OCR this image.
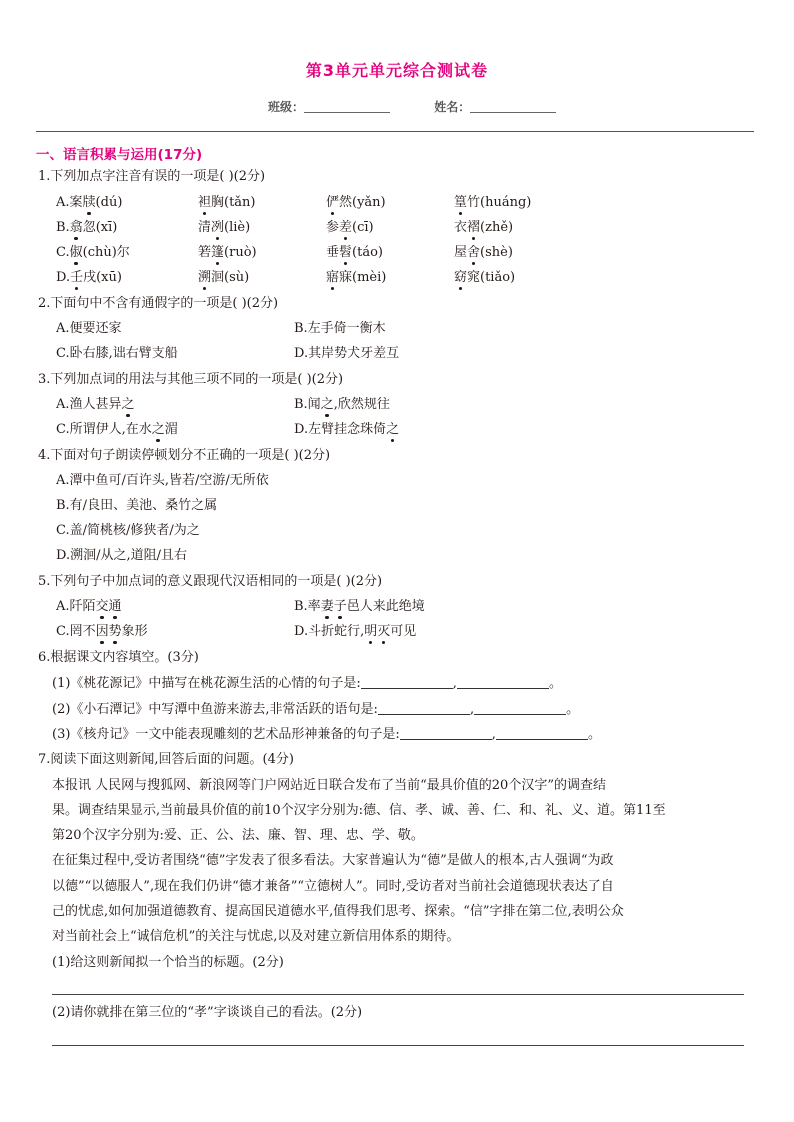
第3单元单元综合测试卷
班级：	姓名：
一、语言积累与运用(17分)
1.下列加点字注音有误的一项是( )(2分)
A.案牍(dú)	袒胸(tǎn)	俨然(yǎn)	篁竹(huáng)
B.翕忽(xī)	清冽(liè)	参差(cī)	衣褶(zhě)
C.俶(chù)尔	箬篷(ruò)	垂髫(táo)	屋舍(shè)
D.壬戌(xū)	溯洄(sù)	寤寐(mèi)	窈窕(tiǎo)
2.下面句中不含有通假字的一项是( )(2分)
A.便要还家	B.左手倚一衡木
C.卧右膝,诎右臂支船	D.其岸势犬牙差互
3.下列加点词的用法与其他三项不同的一项是( )(2分)
A.渔人甚异之	B.闻之,欣然规往
C.所谓伊人,在水之湄	D.左臂挂念珠倚之
4.下面对句子朗读停顿划分不正确的一项是( )(2分)
A.潭中鱼可/百许头,皆若/空游/无所依
B.有/良田、美池、桑竹之属
C.盖/简桃核/修狭者/为之
D.溯洄/从之,道阻/且右
5.下列句子中加点词的意义跟现代汉语相同的一项是( )(2分)
A.阡陌交通	B.率妻子邑人来此绝境
C.罔不因势象形	D.斗折蛇行,明灭可见
6.根据课文内容填空。(3分)
(1)《桃花源记》中描写在桃花源生活的心情的句子是:	,	。
(2)《小石潭记》中写潭中鱼游来游去,非常活跃的语句是:	,	。
(3)《核舟记》一文中能表现雕刻的艺术品形神兼备的句子是:	,	。
7.阅读下面这则新闻,回答后面的问题。(4分)
本报讯 人民网与搜狐网、新浪网等门户网站近日联合发布了当前“最具价值的20个汉字”的调查结
果。调查结果显示,当前最具价值的前10个汉字分别为:德、信、孝、诚、善、仁、和、礼、义、道。第11至
第20个汉字分别为:爱、正、公、法、廉、智、理、忠、学、敬。
在征集过程中,受访者围绕“德”字发表了很多看法。大家普遍认为“德”是做人的根本,古人强调“为政
以德”“以德服人”,现在我们仍讲“德才兼备”“立德树人”。同时,受访者对当前社会道德现状表达了自
己的忧虑,如何加强道德教育、提高国民道德水平,值得我们思考、探索。“信”字排在第二位,表明公众
对当前社会上“诚信危机”的关注与忧虑,以及对建立新信用体系的期待。
(1)给这则新闻拟一个恰当的标题。(2分)
(2)请你就排在第三位的“孝”字谈谈自己的看法。(2分)
